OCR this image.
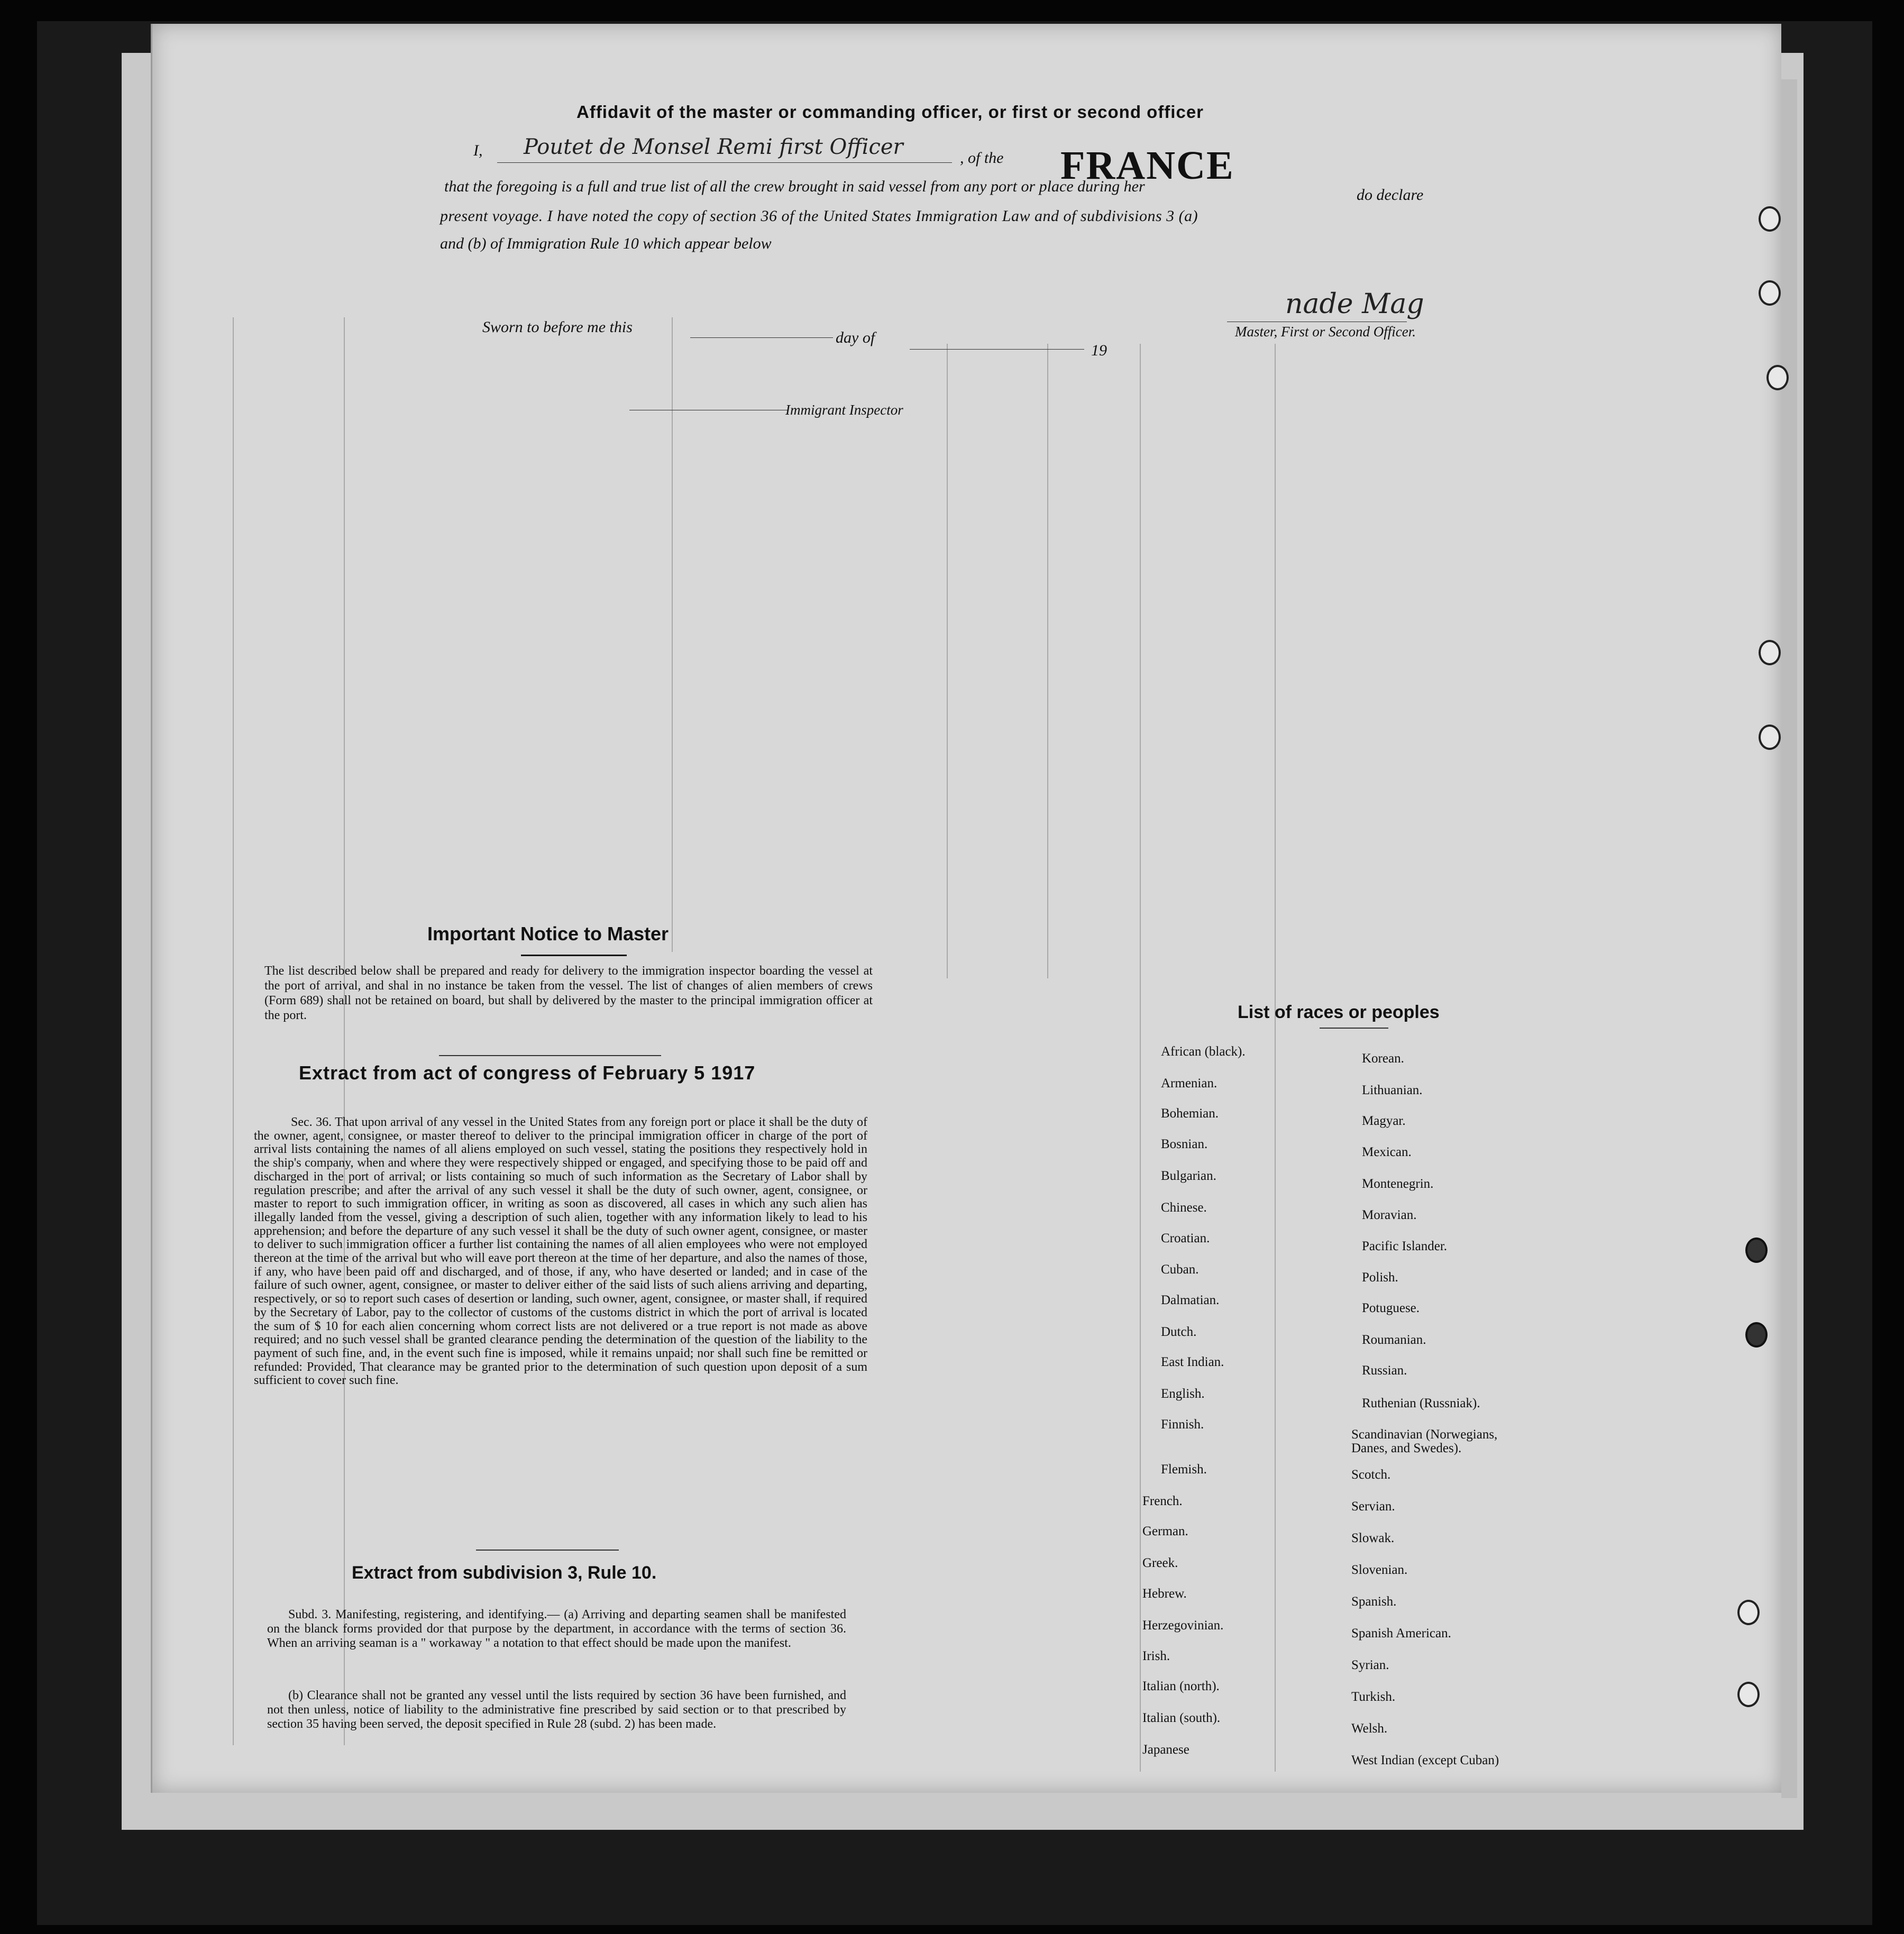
Affidavit of the master or commanding officer, or first or second officer
I, Poutet de Monsel Remi first Officer	, of the FRANCE
that the foregoing is a full and true list of all the crew brought in said vessel from any port or place during her	do declare
present voyage. I have noted the copy of section 36 of the United States Immigration Law and of subdivisions 3 (a)
and (b) of Immigration Rule 10 which appear below
Sworn to before me this
day of
19
nade Mag
Master, First or Second Officer.
Immigrant Inspector
Important Notice to Master
The list described below shall be prepared and ready for delivery to the immigration inspector boarding the vessel at the port of arrival, and shal in no instance be taken from the vessel. The list of changes of alien members of crews (Form 689) shall not be retained on board, but shall by delivered by the master to the principal immigration officer at the port.
Extract from act of congress of February 5 1917
Sec. 36. That upon arrival of any vessel in the United States from any foreign port or place it shall be the duty of the owner, agent, consignee, or master thereof to deliver to the principal immigration officer in charge of the port of arrival lists containing the names of all aliens employed on such vessel, stating the positions they respectively hold in the ship's company, when and where they were respectively shipped or engaged, and specifying those to be paid off and discharged in the port of arrival; or lists containing so much of such information as the Secretary of Labor shall by regulation prescribe; and after the arrival of any such vessel it shall be the duty of such owner, agent, consignee, or master to report to such immigration officer, in writing as soon as discovered, all cases in which any such alien has illegally landed from the vessel, giving a description of such alien, together with any information likely to lead to his apprehension; and before the departure of any such vessel it shall be the duty of such owner agent, consignee, or master to deliver to such immigration officer a further list containing the names of all alien employees who were not employed thereon at the time of the arrival but who will eave port thereon at the time of her departure, and also the names of those, if any, who have been paid off and discharged, and of those, if any, who have deserted or landed; and in case of the failure of such owner, agent, consignee, or master to deliver either of the said lists of such aliens arriving and departing, respectively, or so to report such cases of desertion or landing, such owner, agent, consignee, or master shall, if required by the Secretary of Labor, pay to the collector of customs of the customs district in which the port of arrival is located the sum of $ 10 for each alien concerning whom correct lists are not delivered or a true report is not made as above required; and no such vessel shall be granted clearance pending the determination of the question of the liability to the payment of such fine, and, in the event such fine is imposed, while it remains unpaid; nor shall such fine be remitted or refunded: Provided, That clearance may be granted prior to the determination of such question upon deposit of a sum sufficient to cover such fine.
Extract from subdivision 3, Rule 10.
Subd. 3. Manifesting, registering, and identifying.— (a) Arriving and departing seamen shall be manifested on the blanck forms provided dor that purpose by the department, in accordance with the terms of section 36. When an arriving seaman is a " workaway " a notation to that effect should be made upon the manifest.
(b) Clearance shall not be granted any vessel until the lists required by section 36 have been furnished, and not then unless, notice of liability to the administrative fine prescribed by said section or to that prescribed by section 35 having been served, the deposit specified in Rule 28 (subd. 2) has been made.
List of races or peoples
African (black).
Armenian.
Bohemian.
Bosnian.
Bulgarian.
Chinese.
Croatian.
Cuban.
Dalmatian.
Dutch.
East Indian.
English.
Finnish.
Flemish.
French.
German.
Greek.
Hebrew.
Herzegovinian.
Irish.
Italian (north).
Italian (south).
Japanese
Korean.
Lithuanian.
Magyar.
Mexican.
Montenegrin.
Moravian.
Pacific Islander.
Polish.
Potuguese.
Roumanian.
Russian.
Ruthenian (Russniak).
Scandinavian (Norwegians, Danes, and Swedes).
Scotch.
Servian.
Slowak.
Slovenian.
Spanish.
Spanish American.
Syrian.
Turkish.
Welsh.
West Indian (except Cuban)
